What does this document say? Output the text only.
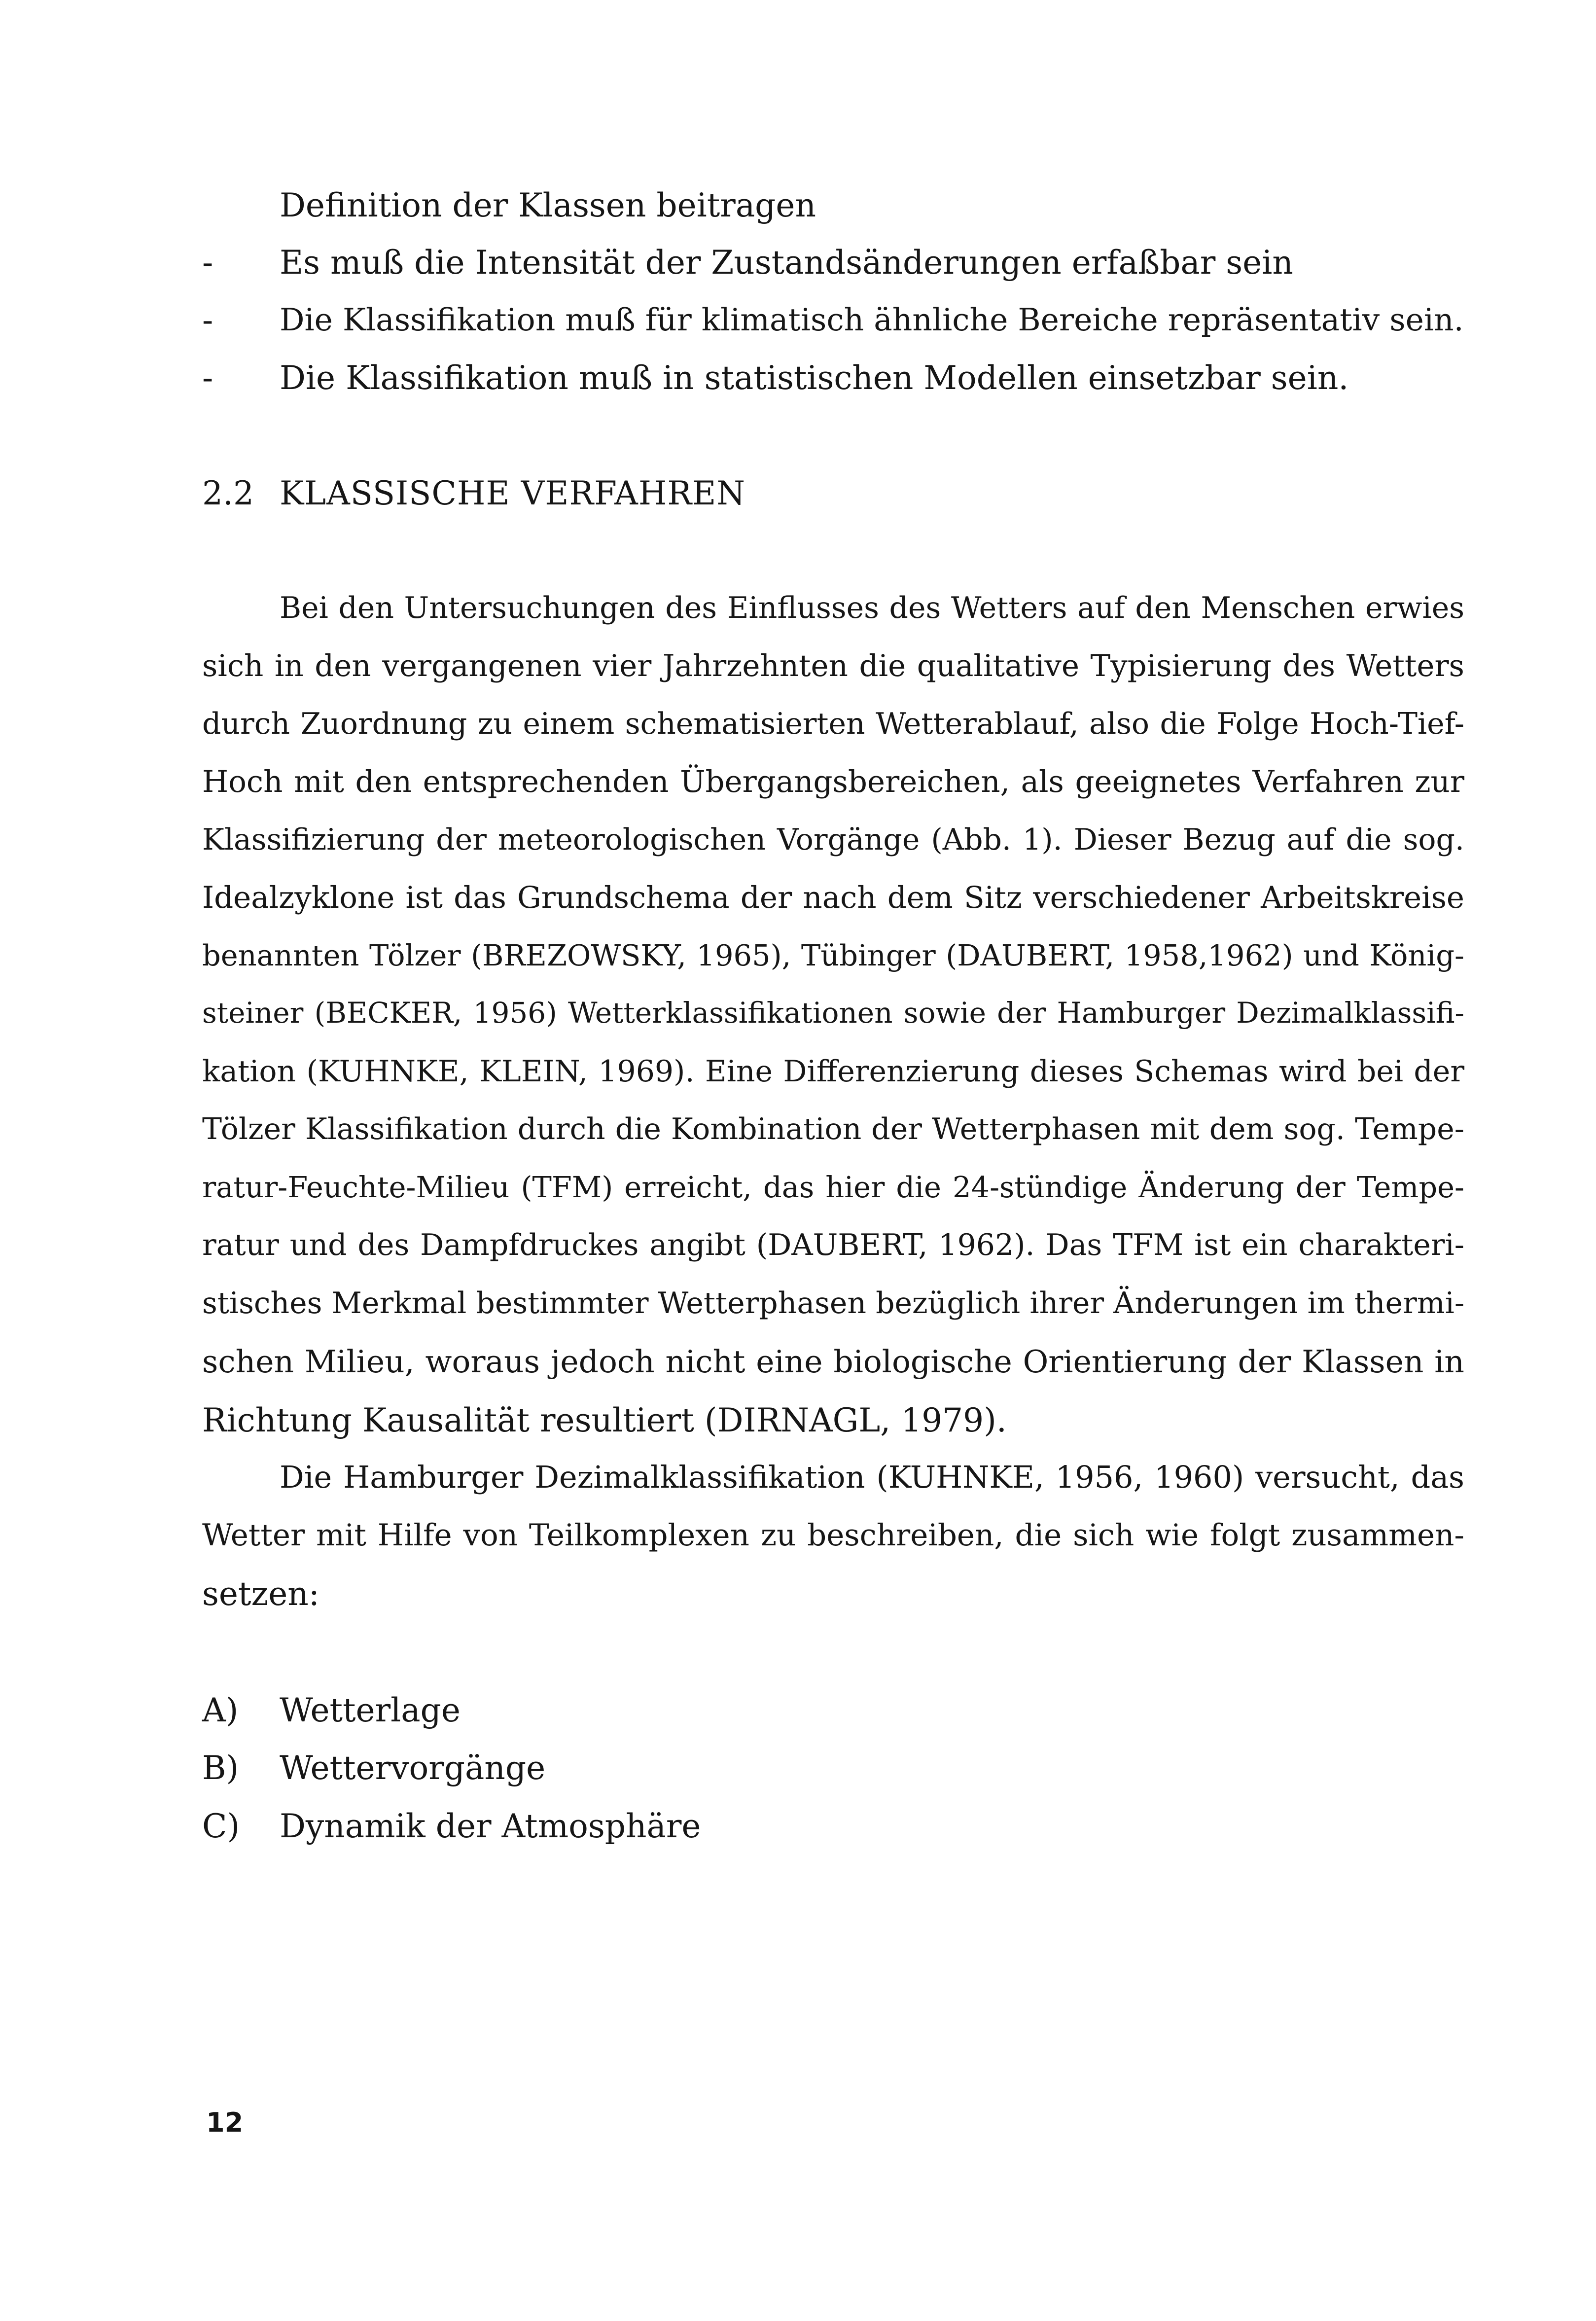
Definition der Klassen beitragen
- Es muß die Intensität der Zustandsänderungen erfaßbar sein
- Die Klassifikation muß für klimatisch ähnliche Bereiche repräsentativ sein.
- Die Klassifikation muß in statistischen Modellen einsetzbar sein.
2.2 KLASSISCHE VERFAHREN
Bei den Untersuchungen des Einflusses des Wetters auf den Menschen erwies
sich in den vergangenen vier Jahrzehnten die qualitative Typisierung des Wetters
durch Zuordnung zu einem schematisierten Wetterablauf, also die Folge Hoch-Tief-
Hoch mit den entsprechenden Übergangsbereichen, als geeignetes Verfahren zur
Klassifizierung der meteorologischen Vorgänge (Abb. 1). Dieser Bezug auf die sog.
Idealzyklone ist das Grundschema der nach dem Sitz verschiedener Arbeitskreise
benannten Tölzer (BREZOWSKY, 1965), Tübinger (DAUBERT, 1958,1962) und König-
steiner (BECKER, 1956) Wetterklassifikationen sowie der Hamburger Dezimalklassifi-
kation (KUHNKE, KLEIN, 1969). Eine Differenzierung dieses Schemas wird bei der
Tölzer Klassifikation durch die Kombination der Wetterphasen mit dem sog. Tempe-
ratur-Feuchte-Milieu (TFM) erreicht, das hier die 24-stündige Änderung der Tempe-
ratur und des Dampfdruckes angibt (DAUBERT, 1962). Das TFM ist ein charakteri-
stisches Merkmal bestimmter Wetterphasen bezüglich ihrer Änderungen im thermi-
schen Milieu, woraus jedoch nicht eine biologische Orientierung der Klassen in
Richtung Kausalität resultiert (DIRNAGL, 1979).
Die Hamburger Dezimalklassifikation (KUHNKE, 1956, 1960) versucht, das
Wetter mit Hilfe von Teilkomplexen zu beschreiben, die sich wie folgt zusammen-
setzen:
A) Wetterlage
B) Wettervorgänge
C) Dynamik der Atmosphäre
12
